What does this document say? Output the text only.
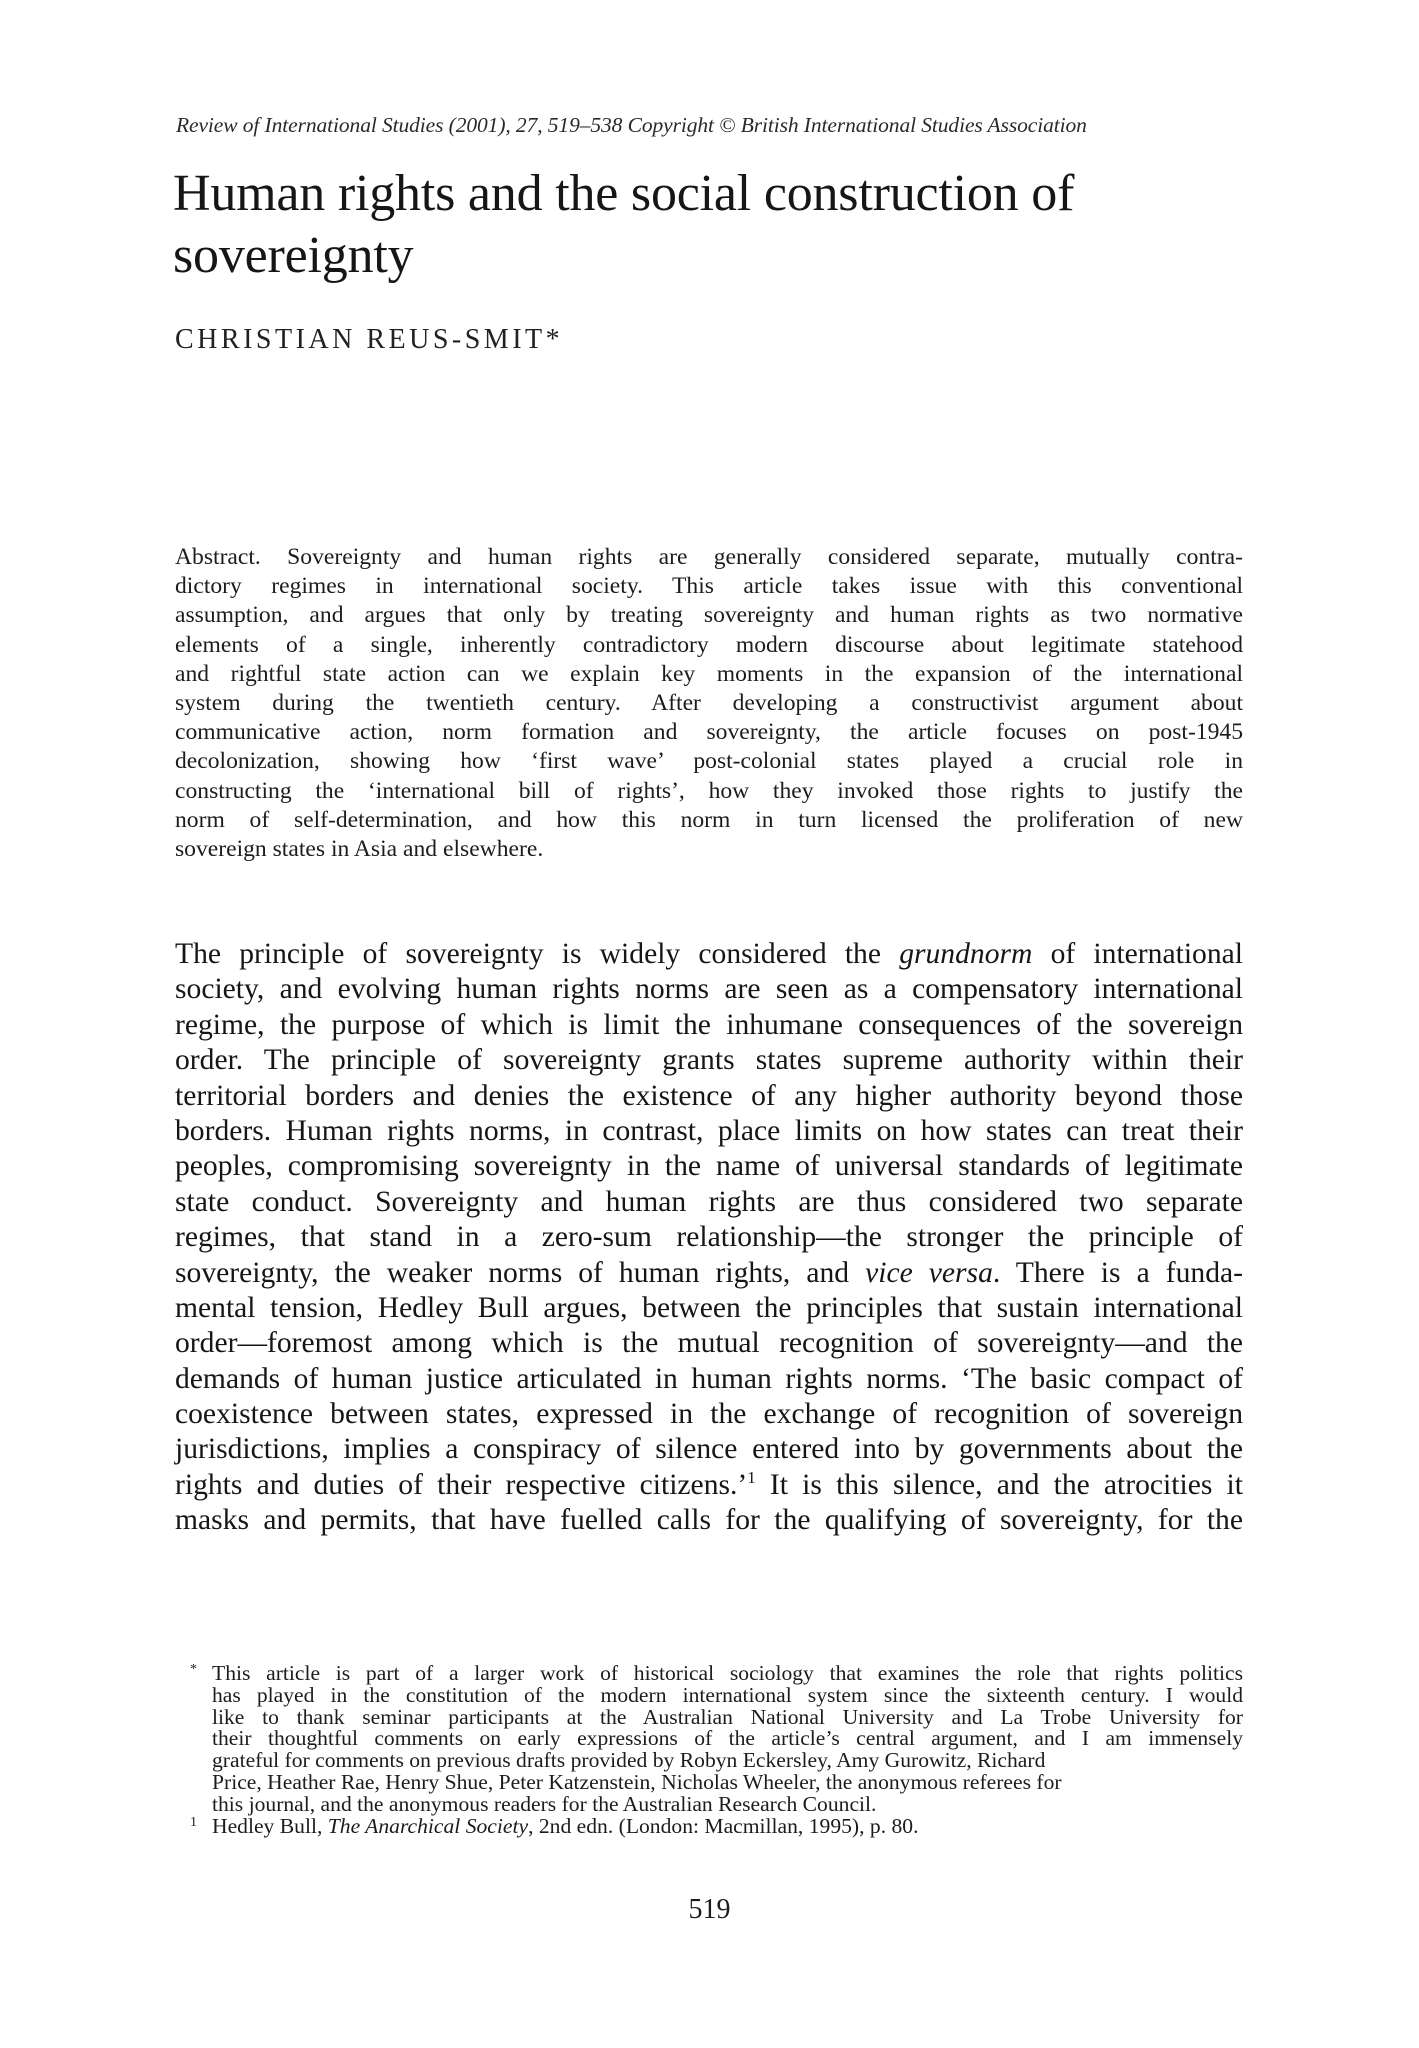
Review of International Studies (2001), 27, 519–538 Copyright © British International Studies Association
Human rights and the social construction of
sovereignty
CHRISTIAN REUS-SMIT*
Abstract. Sovereignty and human rights are generally considered separate, mutually contra-
dictory regimes in international society. This article takes issue with this conventional
assumption, and argues that only by treating sovereignty and human rights as two normative
elements of a single, inherently contradictory modern discourse about legitimate statehood
and rightful state action can we explain key moments in the expansion of the international
system during the twentieth century. After developing a constructivist argument about
communicative action, norm formation and sovereignty, the article focuses on post-1945
decolonization, showing how ‘first wave’ post-colonial states played a crucial role in
constructing the ‘international bill of rights’, how they invoked those rights to justify the
norm of self-determination, and how this norm in turn licensed the proliferation of new
sovereign states in Asia and elsewhere.
The principle of sovereignty is widely considered the grundnorm of international
society, and evolving human rights norms are seen as a compensatory international
regime, the purpose of which is limit the inhumane consequences of the sovereign
order. The principle of sovereignty grants states supreme authority within their
territorial borders and denies the existence of any higher authority beyond those
borders. Human rights norms, in contrast, place limits on how states can treat their
peoples, compromising sovereignty in the name of universal standards of legitimate
state conduct. Sovereignty and human rights are thus considered two separate
regimes, that stand in a zero-sum relationship—the stronger the principle of
sovereignty, the weaker norms of human rights, and vice versa. There is a funda-
mental tension, Hedley Bull argues, between the principles that sustain international
order—foremost among which is the mutual recognition of sovereignty—and the
demands of human justice articulated in human rights norms. ‘The basic compact of
coexistence between states, expressed in the exchange of recognition of sovereign
jurisdictions, implies a conspiracy of silence entered into by governments about the
rights and duties of their respective citizens.’$^1$ It is this silence, and the atrocities it
masks and permits, that have fuelled calls for the qualifying of sovereignty, for the
* This article is part of a larger work of historical sociology that examines the role that rights politics
has played in the constitution of the modern international system since the sixteenth century. I would
like to thank seminar participants at the Australian National University and La Trobe University for
their thoughtful comments on early expressions of the article’s central argument, and I am immensely
grateful for comments on previous drafts provided by Robyn Eckersley, Amy Gurowitz, Richard
Price, Heather Rae, Henry Shue, Peter Katzenstein, Nicholas Wheeler, the anonymous referees for
this journal, and the anonymous readers for the Australian Research Council.
1 Hedley Bull, The Anarchical Society, 2nd edn. (London: Macmillan, 1995), p. 80.
519
